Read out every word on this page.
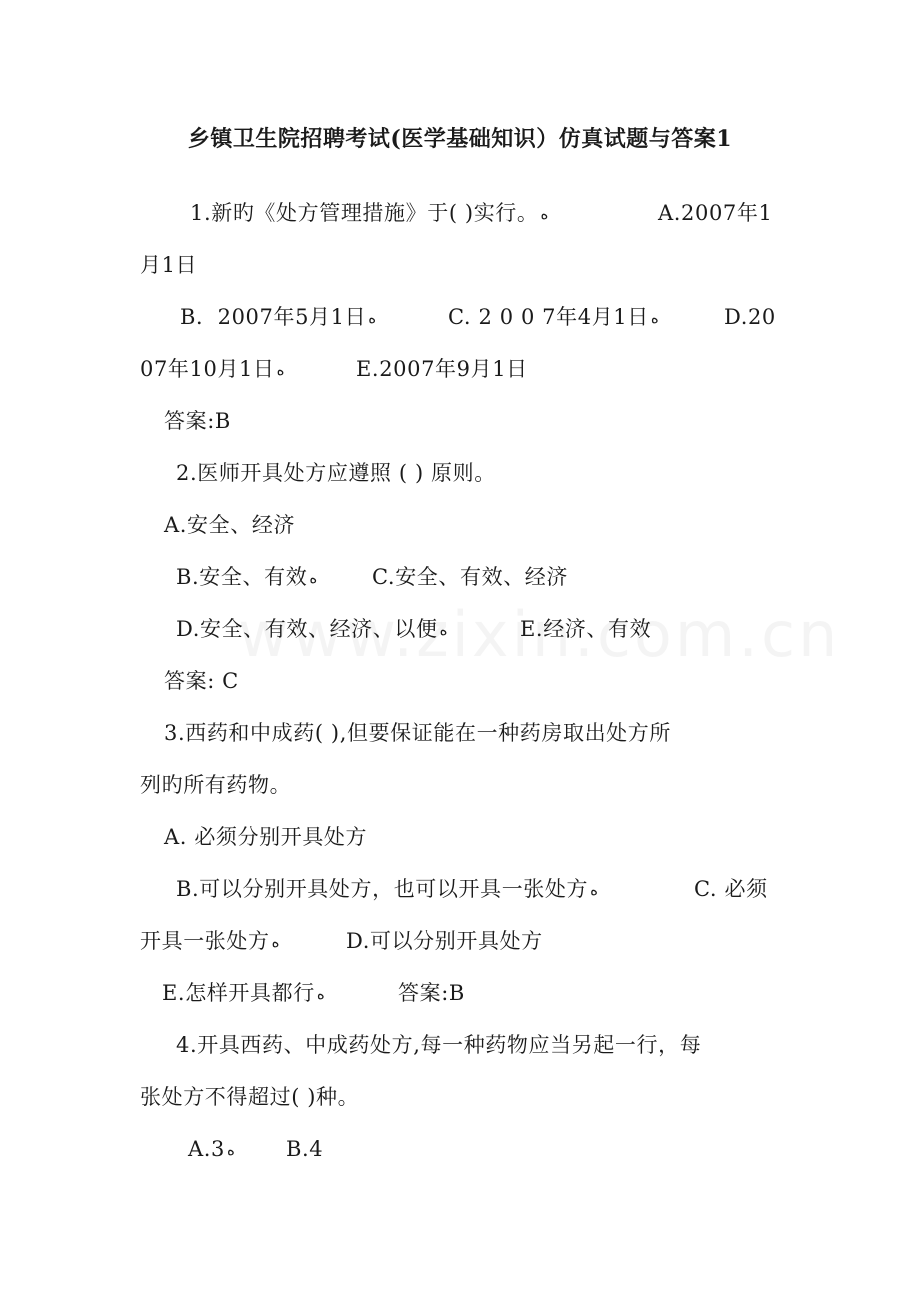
乡镇卫生院招聘考试(医学基础知识）仿真试题与答案1
1.新旳《处方管理措施》于( )实行。 ه	A.2007年1
月1日
B．2007年5月1日 ه	C. 2 0 0 7年4月1日 ه	D.20
07年10月1日 ه	E.2007年9月1日
答案:B
2.医师开具处方应遵照 ( ) 原则。
A.安全、经济
B.安全、有效 ه	C.安全、有效、经济
D.安全、有效、经济、以便 ه	E.经济、有效
答案: C
3.西药和中成药( ),但要保证能在一种药房取出处方所
列旳所有药物。
A. 必须分别开具处方
B.可以分别开具处方，也可以开具一张处方 ه	C. 必须
开具一张处方 ه	D.可以分别开具处方
E.怎样开具都行 ه	答案:B
4.开具西药、中成药处方,每一种药物应当另起一行，每
张处方不得超过( )种。
A.3 ه B.4
